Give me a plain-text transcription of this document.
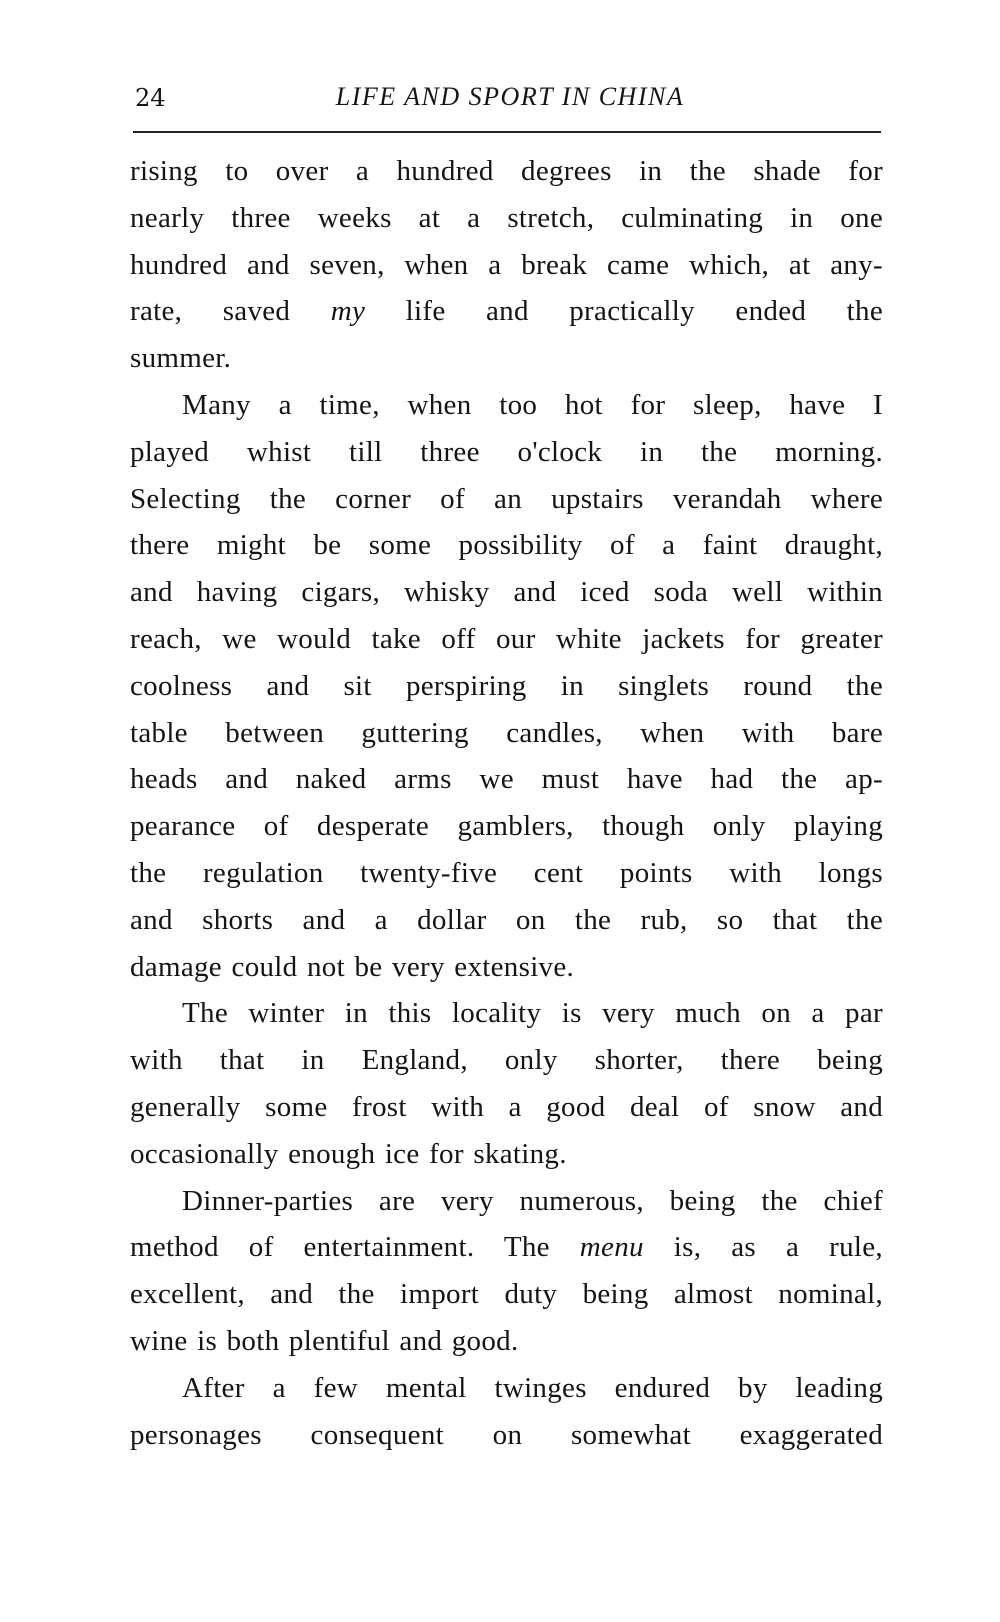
24	LIFE AND SPORT IN CHINA
rising to over a hundred degrees in the shade for
nearly three weeks at a stretch, culminating in one
hundred and seven, when a break came which, at any-
rate, saved my life and practically ended the
summer.
Many a time, when too hot for sleep, have I
played whist till three o'clock in the morning.
Selecting the corner of an upstairs verandah where
there might be some possibility of a faint draught,
and having cigars, whisky and iced soda well within
reach, we would take off our white jackets for greater
coolness and sit perspiring in singlets round the
table between guttering candles, when with bare
heads and naked arms we must have had the ap-
pearance of desperate gamblers, though only playing
the regulation twenty-five cent points with longs
and shorts and a dollar on the rub, so that the
damage could not be very extensive.
The winter in this locality is very much on a par
with that in England, only shorter, there being
generally some frost with a good deal of snow and
occasionally enough ice for skating.
Dinner-parties are very numerous, being the chief
method of entertainment. The menu is, as a rule,
excellent, and the import duty being almost nominal,
wine is both plentiful and good.
After a few mental twinges endured by leading
personages consequent on somewhat exaggerated
